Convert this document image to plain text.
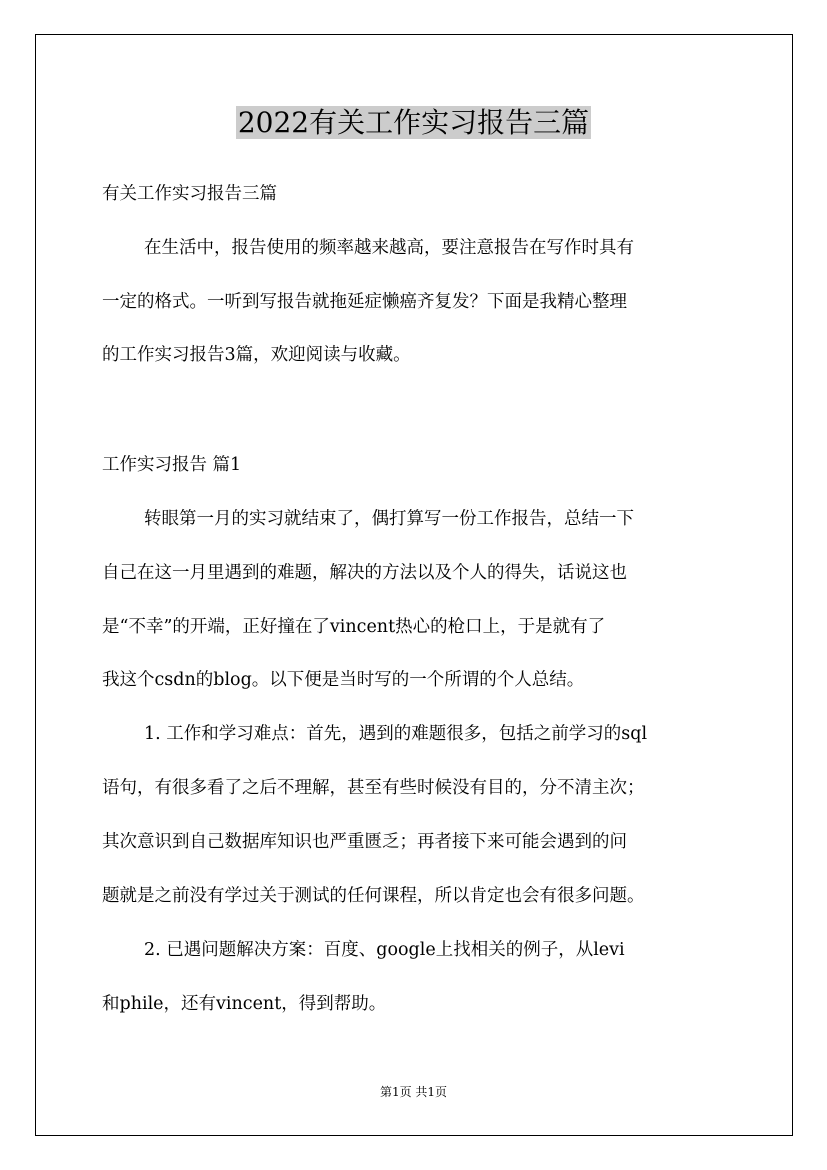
2022有关工作实习报告三篇
有关工作实习报告三篇
在生活中，报告使用的频率越来越高，要注意报告在写作时具有
一定的格式。一听到写报告就拖延症懒癌齐复发？下面是我精心整理
的工作实习报告3篇，欢迎阅读与收藏。
工作实习报告 篇1
转眼第一月的实习就结束了，偶打算写一份工作报告，总结一下
自己在这一月里遇到的难题，解决的方法以及个人的得失，话说这也
是“不幸”的开端，正好撞在了vincent热心的枪口上，于是就有了
我这个csdn的blog。以下便是当时写的一个所谓的个人总结。
1. 工作和学习难点：首先，遇到的难题很多，包括之前学习的sql
语句，有很多看了之后不理解，甚至有些时候没有目的，分不清主次；
其次意识到自己数据库知识也严重匮乏；再者接下来可能会遇到的问
题就是之前没有学过关于测试的任何课程，所以肯定也会有很多问题。
2. 已遇问题解决方案：百度、google上找相关的例子，从levi
和phile，还有vincent，得到帮助。
第1页 共1页
